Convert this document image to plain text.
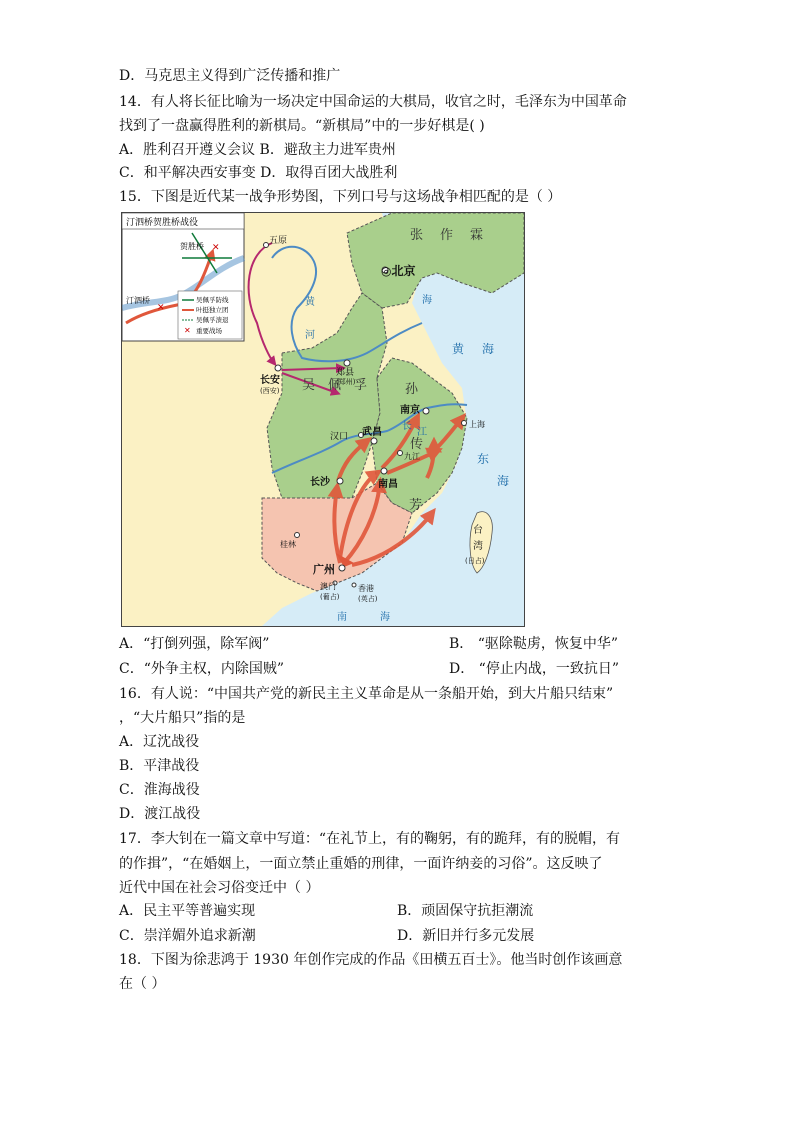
D．马克思主义得到广泛传播和推广
14．有人将长征比喻为一场决定中国命运的大棋局，收官之时，毛泽东为中国革命
找到了一盘赢得胜利的新棋局。“新棋局”中的一步好棋是( )
A．胜利召开遵义会议 B．避敌主力进军贵州
C．和平解决西安事变 D．取得百团大战胜利
15．下图是近代某一战争形势图，下列口号与这场战争相匹配的是（ ）
汀泗桥贺胜桥战役
✕
✕
贺胜桥
汀泗桥
✕
吴佩孚防线
叶挺独立团
吴佩孚溃退
重要战场
张 作 霖
吴 佩 孚	孙
传
芳
◎北京
五原
长安
(西安)
郑县
(郑州)
南京
上海
汉口 武昌
九江
长沙	南昌
桂林
广州
澳门
(葡占)
香港
(英占)
台
湾
(日占)
黄
河
长
江
黄 海
海
东
海
南	海
A．“打倒列强，除军阀”	B． “驱除鞑虏，恢复中华”
C．“外争主权，内除国贼”	D． “停止内战，一致抗日”
16．有人说：“中国共产党的新民主主义革命是从一条船开始，到大片船只结束”
，“大片船只”指的是
A．辽沈战役
B．平津战役
C．淮海战役
D．渡江战役
17．李大钊在一篇文章中写道：“在礼节上，有的鞠躬，有的跪拜，有的脱帽，有
的作揖”，“在婚姻上，一面立禁止重婚的刑律，一面许纳妾的习俗”。这反映了
近代中国在社会习俗变迁中（ ）
A．民主平等普遍实现	B．顽固保守抗拒潮流
C．崇洋媚外追求新潮	D．新旧并行多元发展
18．下图为徐悲鸿于 1930 年创作完成的作品《田横五百士》。他当时创作该画意
在（ ）
